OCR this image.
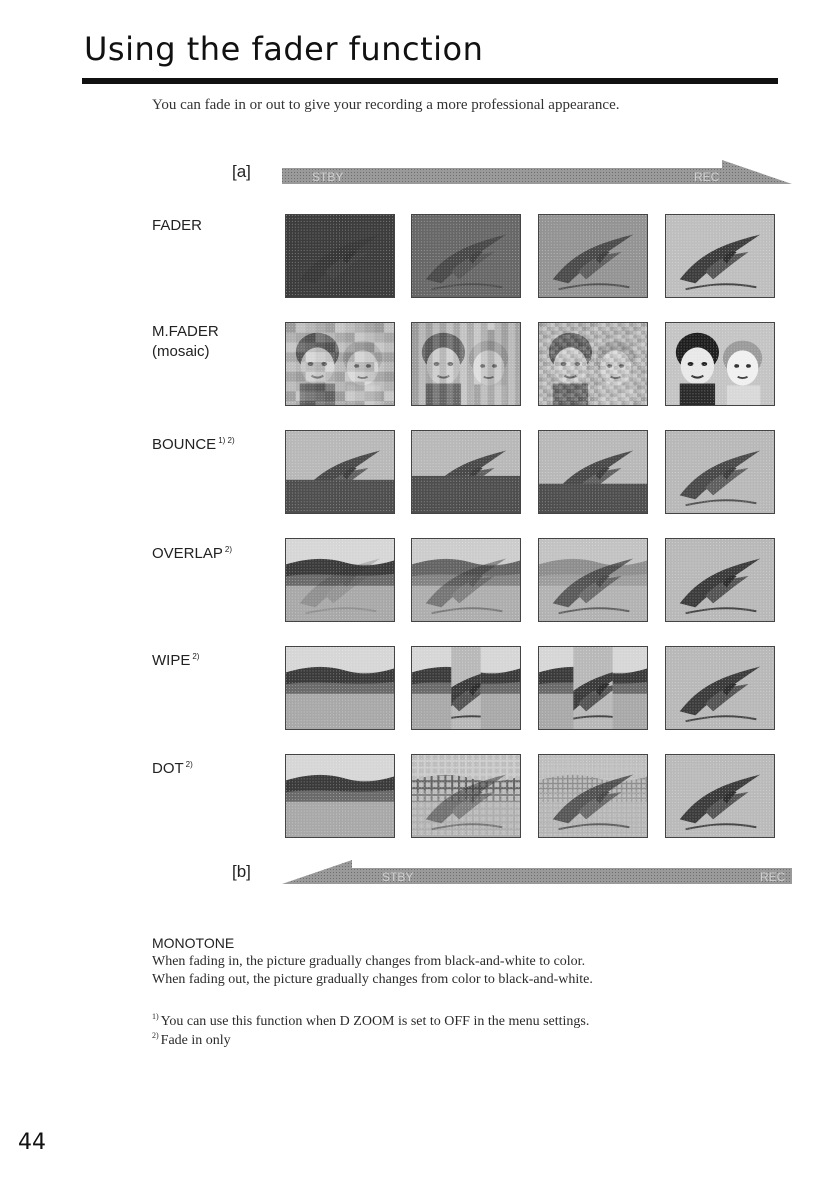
Using the fader function

You can fade in or out to give your recording a more professional appearance.

[a]	STBY	REC
FADER
M.FADER
(mosaic)
BOUNCE $^{1) 2)}$
OVERLAP $^{2)}$
WIPE $^{2)}$
DOT $^{2)}$
[b]	STBY	REC

MONOTONE

When fading in, the picture gradually changes from black-and-white to color.

When fading out, the picture gradually changes from color to black-and-white.

$^{1)}$ You can use this function when D ZOOM is set to OFF in the menu settings.

$^{2)}$ Fade in only

44
